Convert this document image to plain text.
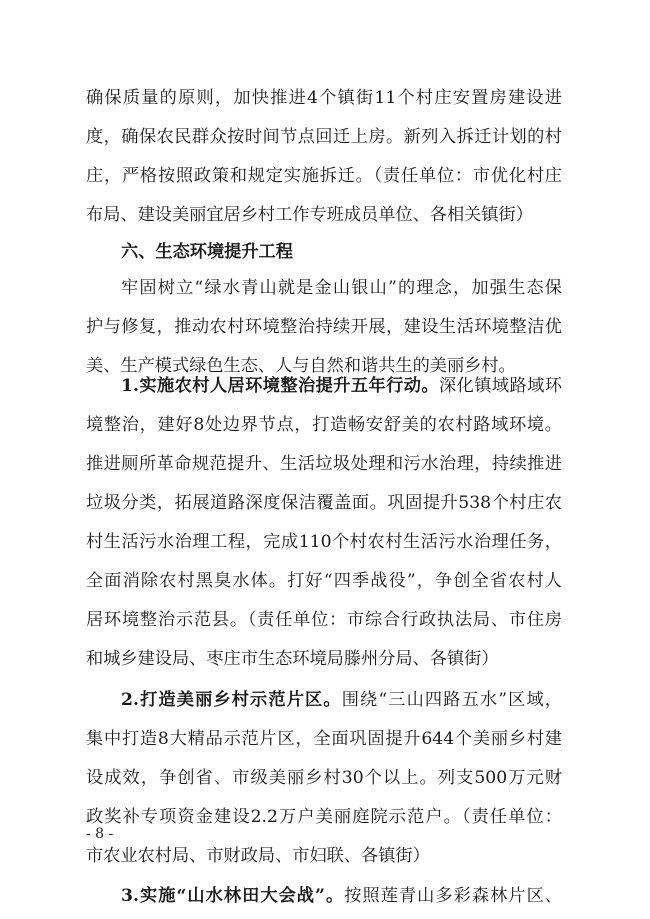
确保质量的原则，加快推进4个镇街11个村庄安置房建设进
度，确保农民群众按时间节点回迁上房。新列入拆迁计划的村
庄，严格按照政策和规定实施拆迁。（责任单位：市优化村庄
布局、建设美丽宜居乡村工作专班成员单位、各相关镇街）
六、生态环境提升工程
牢固树立“绿水青山就是金山银山”的理念，加强生态保
护与修复，推动农村环境整治持续开展，建设生活环境整洁优
美、生产模式绿色生态、人与自然和谐共生的美丽乡村。
1.实施农村人居环境整治提升五年行动。深化镇域路域环
境整治，建好8处边界节点，打造畅安舒美的农村路域环境。
推进厕所革命规范提升、生活垃圾处理和污水治理，持续推进
垃圾分类，拓展道路深度保洁覆盖面。巩固提升538个村庄农
村生活污水治理工程，完成110个村农村生活污水治理任务，
全面消除农村黑臭水体。打好“四季战役”，争创全省农村人
居环境整治示范县。（责任单位：市综合行政执法局、市住房
和城乡建设局、枣庄市生态环境局滕州分局、各镇街）
2.打造美丽乡村示范片区。围绕“三山四路五水”区域，
集中打造8大精品示范片区，全面巩固提升644个美丽乡村建
设成效，争创省、市级美丽乡村30个以上。列支500万元财
政奖补专项资金建设2.2万户美丽庭院示范户。（责任单位：
市农业农村局、市财政局、市妇联、各镇街）
3.实施“山水林田大会战”。按照莲青山多彩森林片区、
- 8 -
